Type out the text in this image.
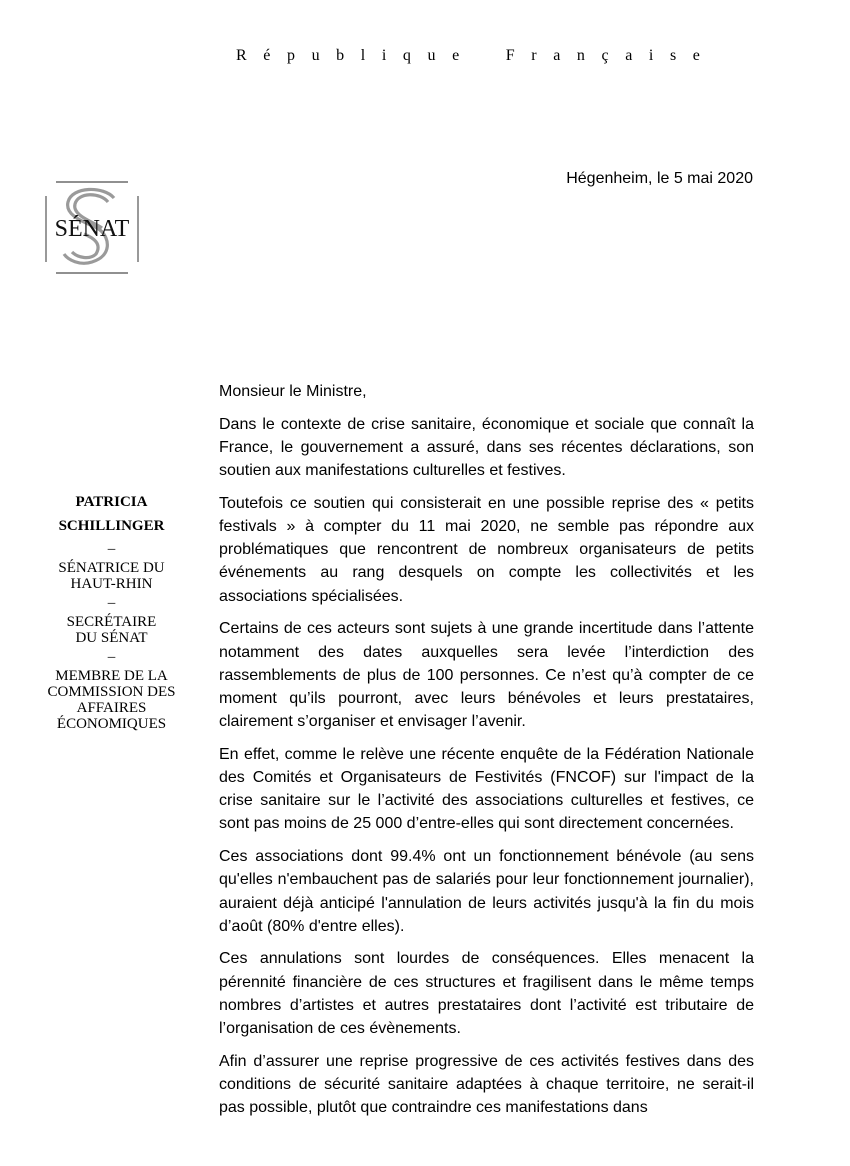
République Française
Hégenheim, le 5 mai 2020
SÉNAT
PATRICIA
SCHILLINGER
–
SÉNATRICE DU
HAUT-RHIN
–
SECRÉTAIRE
DU SÉNAT
–
MEMBRE DE LA
COMMISSION DES
AFFAIRES
ÉCONOMIQUES

Monsieur le Ministre,

Dans le contexte de crise sanitaire, économique et sociale que connaît la France, le gouvernement a assuré, dans ses récentes déclarations, son soutien aux manifestations culturelles et festives.

Toutefois ce soutien qui consisterait en une possible reprise des « petits festivals » à compter du 11 mai 2020, ne semble pas répondre aux problématiques que rencontrent de nombreux organisateurs de petits événements au rang desquels on compte les collectivités et les associations spécialisées.

Certains de ces acteurs sont sujets à une grande incertitude dans l’attente notamment des dates auxquelles sera levée l’interdiction des rassemblements de plus de 100 personnes. Ce n’est qu’à compter de ce moment qu’ils pourront, avec leurs bénévoles et leurs prestataires, clairement s’organiser et envisager l’avenir.

En effet, comme le relève une récente enquête de la Fédération Nationale des Comités et Organisateurs de Festivités (FNCOF) sur l'impact de la crise sanitaire sur le l’activité des associations culturelles et festives, ce sont pas moins de 25 000 d’entre-elles qui sont directement concernées.

Ces associations dont 99.4% ont un fonctionnement bénévole (au sens qu'elles n'embauchent pas de salariés pour leur fonctionnement journalier), auraient déjà anticipé l'annulation de leurs activités jusqu'à la fin du mois d’août (80% d'entre elles).

Ces annulations sont lourdes de conséquences. Elles menacent la pérennité financière de ces structures et fragilisent dans le même temps nombres d’artistes et autres prestataires dont l’activité est tributaire de l’organisation de ces évènements.

Afin d’assurer une reprise progressive de ces activités festives dans des conditions de sécurité sanitaire adaptées à chaque territoire, ne serait-il pas possible, plutôt que contraindre ces manifestations dans
